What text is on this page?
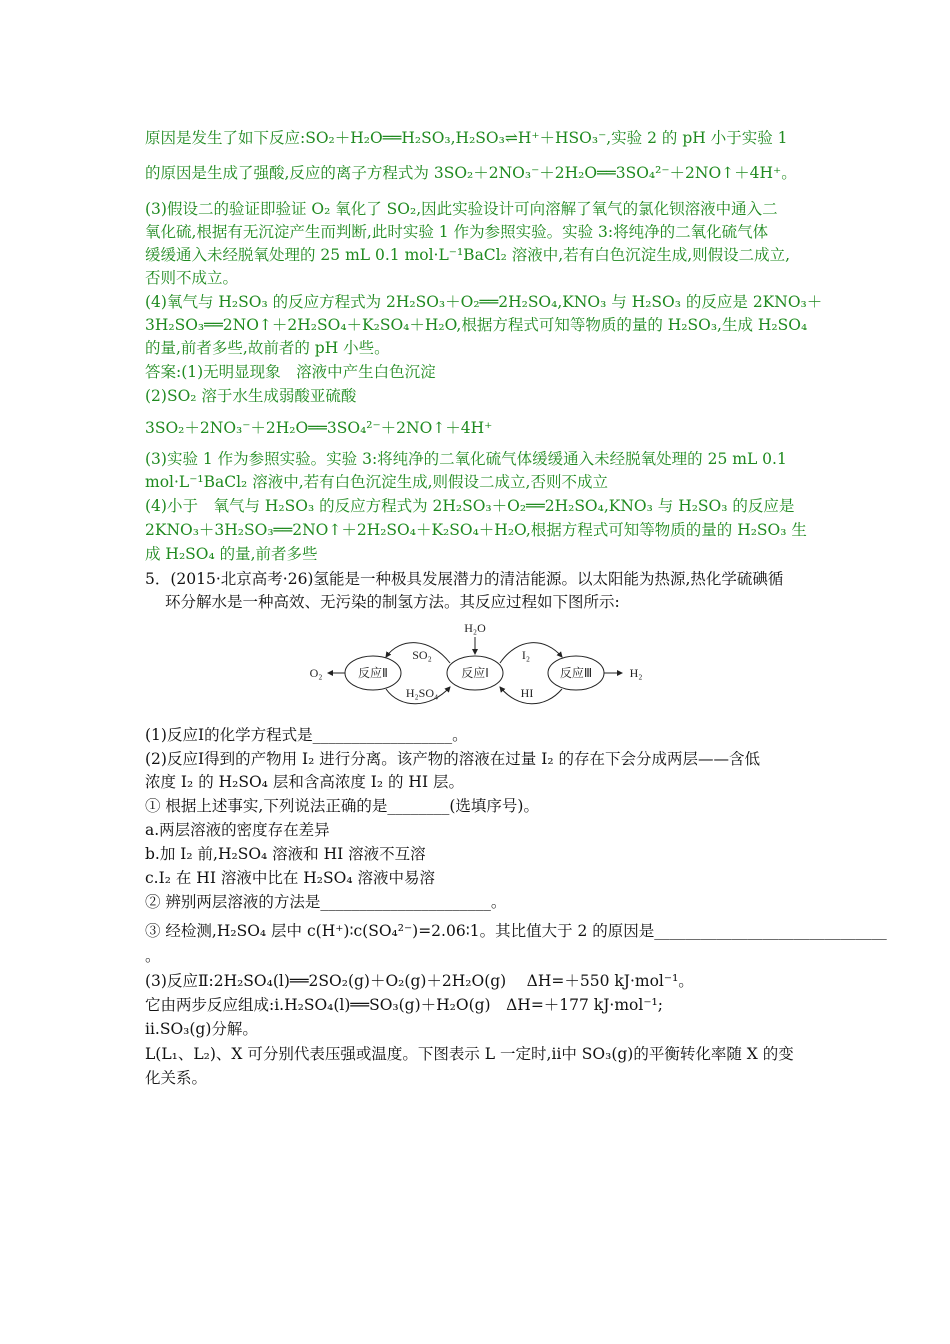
原因是发生了如下反应:SO₂＋H₂O══H₂SO₃,H₂SO₃⇌H⁺＋HSO₃⁻,实验 2 的 pH 小于实验 1
的原因是生成了强酸,反应的离子方程式为 3SO₂＋2NO₃⁻＋2H₂O══3SO₄²⁻＋2NO↑＋4H⁺。
(3)假设二的验证即验证 O₂ 氧化了 SO₂,因此实验设计可向溶解了氧气的氯化钡溶液中通入二
氧化硫,根据有无沉淀产生而判断,此时实验 1 作为参照实验。实验 3:将纯净的二氧化硫气体
缓缓通入未经脱氧处理的 25 mL 0.1 mol·L⁻¹BaCl₂ 溶液中,若有白色沉淀生成,则假设二成立,
否则不成立。
(4)氧气与 H₂SO₃ 的反应方程式为 2H₂SO₃＋O₂══2H₂SO₄,KNO₃ 与 H₂SO₃ 的反应是 2KNO₃＋
3H₂SO₃══2NO↑＋2H₂SO₄＋K₂SO₄＋H₂O,根据方程式可知等物质的量的 H₂SO₃,生成 H₂SO₄
的量,前者多些,故前者的 pH 小些。
答案:(1)无明显现象　溶液中产生白色沉淀
(2)SO₂ 溶于水生成弱酸亚硫酸
3SO₂＋2NO₃⁻＋2H₂O══3SO₄²⁻＋2NO↑＋4H⁺
(3)实验 1 作为参照实验。实验 3:将纯净的二氧化硫气体缓缓通入未经脱氧处理的 25 mL 0.1
mol·L⁻¹BaCl₂ 溶液中,若有白色沉淀生成,则假设二成立,否则不成立
(4)小于　氧气与 H₂SO₃ 的反应方程式为 2H₂SO₃＋O₂══2H₂SO₄,KNO₃ 与 H₂SO₃ 的反应是
2KNO₃＋3H₂SO₃══2NO↑＋2H₂SO₄＋K₂SO₄＋H₂O,根据方程式可知等物质的量的 H₂SO₃ 生
成 H₂SO₄ 的量,前者多些
5．(2015·北京高考·26)氢能是一种极具发展潜力的清洁能源。以太阳能为热源,热化学硫碘循
环分解水是一种高效、无污染的制氢方法。其反应过程如下图所示:
(1)反应Ⅰ的化学方程式是__________________。
(2)反应Ⅰ得到的产物用 I₂ 进行分离。该产物的溶液在过量 I₂ 的存在下会分成两层——含低
浓度 I₂ 的 H₂SO₄ 层和含高浓度 I₂ 的 HI 层。
① 根据上述事实,下列说法正确的是________(选填序号)。
a.两层溶液的密度存在差异
b.加 I₂ 前,H₂SO₄ 溶液和 HI 溶液不互溶
c.I₂ 在 HI 溶液中比在 H₂SO₄ 溶液中易溶
② 辨别两层溶液的方法是______________________。
③ 经检测,H₂SO₄ 层中 c(H⁺)∶c(SO₄²⁻)=2.06∶1。其比值大于 2 的原因是______________________________
。
(3)反应Ⅱ:2H₂SO₄(l)══2SO₂(g)＋O₂(g)＋2H₂O(g)　 ΔH=＋550 kJ·mol⁻¹。
它由两步反应组成:ⅰ.H₂SO₄(l)══SO₃(g)＋H₂O(g)　ΔH=＋177 kJ·mol⁻¹;
ⅱ.SO₃(g)分解。
L(L₁、L₂)、X 可分别代表压强或温度。下图表示 L 一定时,ⅱ中 SO₃(g)的平衡转化率随 X 的变
化关系。
反应Ⅱ	反应Ⅰ	反应Ⅲ
H₂O
SO₂
H₂SO₄
I₂
HI
O₂	H₂
